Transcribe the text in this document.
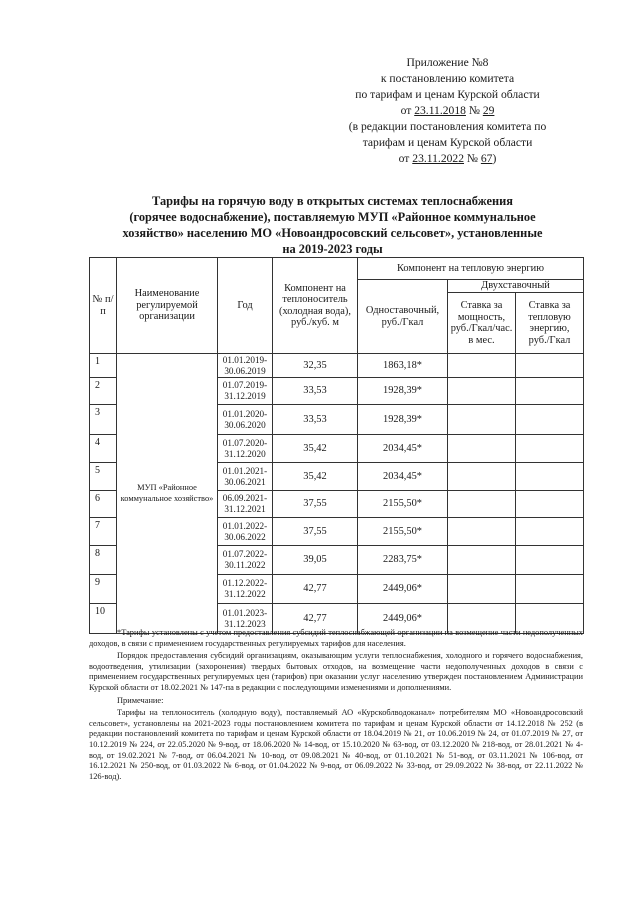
Приложение №8
к постановлению комитета
по тарифам и ценам Курской области
от 23.11.2018 № 29
(в редакции постановления комитета по
тарифам и ценам Курской области
от 23.11.2022 № 67)
Тарифы на горячую воду в открытых системах теплоснабжения
(горячее водоснабжение), поставляемую МУП «Районное коммунальное
хозяйство» населению МО «Новоандросовский сельсовет», установленные
на 2019-2023 годы
№ п/п	Наименование регулируемой организации	Год	Компонент на теплоноситель (холодная вода), руб./куб. м	Компонент на тепловую энергию		
				Одноставочный, руб./Гкал	Двухставочный	
					Ставка за мощность, руб./Гкал/час. в мес.	Ставка за тепловую энергию, руб./Гкал
1	МУП «Районное коммунальное хозяйство»	01.01.2019-30.06.2019	32,35	1863,18*		
2		01.07.2019-31.12.2019	33,53	1928,39*		
3		01.01.2020-30.06.2020	33,53	1928,39*		
4		01.07.2020-31.12.2020	35,42	2034,45*		
5		01.01.2021-30.06.2021	35,42	2034,45*		
6		06.09.2021-31.12.2021	37,55	2155,50*		
7		01.01.2022-30.06.2022	37,55	2155,50*		
8		01.07.2022-30.11.2022	39,05	2283,75*		
9		01.12.2022-31.12.2022	42,77	2449,06*		
10		01.01.2023-31.12.2023	42,77	2449,06*		

*Тарифы установлены с учетом предоставления субсидий теплоснабжающей организации на возмещение части недополученных доходов, в связи с применением государственных регулируемых тарифов для населения.

Порядок предоставления субсидий организациям, оказывающим услуги теплоснабжения, холодного и горячего водоснабжения, водоотведения, утилизации (захоронения) твердых бытовых отходов, на возмещение части недополученных доходов в связи с применением государственных регулируемых цен (тарифов) при оказании услуг населению утвержден постановлением Администрации Курской области от 18.02.2021 № 147-па в редакции с последующими изменениями и дополнениями.

Примечание:

Тарифы на теплоноситель (холодную воду), поставляемый АО «Курскоблводоканал» потребителям МО «Новоандросовский сельсовет», установлены на 2021-2023 годы постановлением комитета по тарифам и ценам Курской области от 14.12.2018 № 252 (в редакции постановлений комитета по тарифам и ценам Курской области от 18.04.2019 № 21, от 10.06.2019 № 24, от 01.07.2019 № 27, от 10.12.2019 № 224, от 22.05.2020 № 9-вод, от 18.06.2020 № 14-вод, от 15.10.2020 № 63-вод, от 03.12.2020 № 218-вод, от 28.01.2021 № 4-вод, от 19.02.2021 № 7-вод, от 06.04.2021 № 10-вод, от 09.08.2021 № 40-вод, от 01.10.2021 № 51-вод, от 03.11.2021 № 106-вод, от 16.12.2021 № 250-вод, от 01.03.2022 № 6-вод, от 01.04.2022 № 9-вод, от 06.09.2022 № 33-вод, от 29.09.2022 № 38-вод, от 22.11.2022 № 126-вод).
